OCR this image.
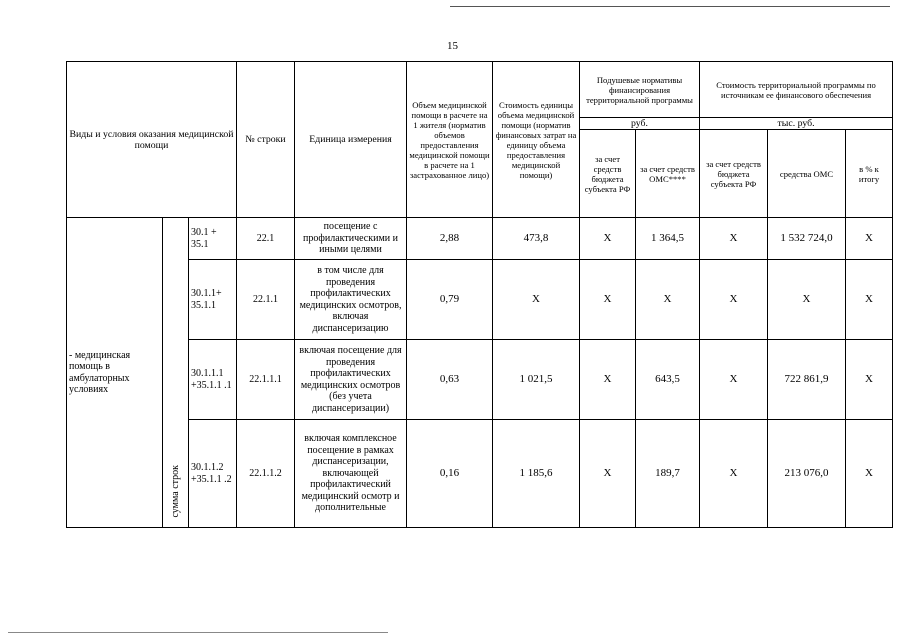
15
Виды и условия оказания медицинской помощи			№ строки	Единица измерения	Объем медицинской помощи в расчете на 1 жителя (норматив объемов предоставления медицинской помощи в расчете на 1 застрахованное лицо)	Стоимость единицы объема медицинской помощи (норматив финансовых затрат на единицу объема предоставления медицинской помощи)	Подушевые нормативы финансирования территориальной программы		Стоимость территориальной программы по источникам ее финансового обеспечения		
							руб.		тыс. руб.		
							за счет средств бюджета субъекта РФ	за счет средств ОМС****	за счет средств бюджета субъекта РФ	средства ОМС	в % к итогу
- медицинская помощь в амбулаторных условиях	сумма строк	30.1 + 35.1	22.1	посещение с профилактическими и иными целями	2,88	473,8	X	1 364,5	X	1 532 724,0	X
		30.1.1+ 35.1.1	22.1.1	в том числе для проведения профилактических медицинских осмотров, включая диспансеризацию	0,79	X	X	X	X	X	X
		30.1.1.1 +35.1.1 .1	22.1.1.1	включая посещение для проведения профилактических медицинских осмотров (без учета диспансеризации)	0,63	1 021,5	X	643,5	X	722 861,9	X
		30.1.1.2 +35.1.1 .2	22.1.1.2	включая комплексное посещение в рамках диспансеризации, включающей профилактический медицинский осмотр и дополнительные	0,16	1 185,6	X	189,7	X	213 076,0	X
